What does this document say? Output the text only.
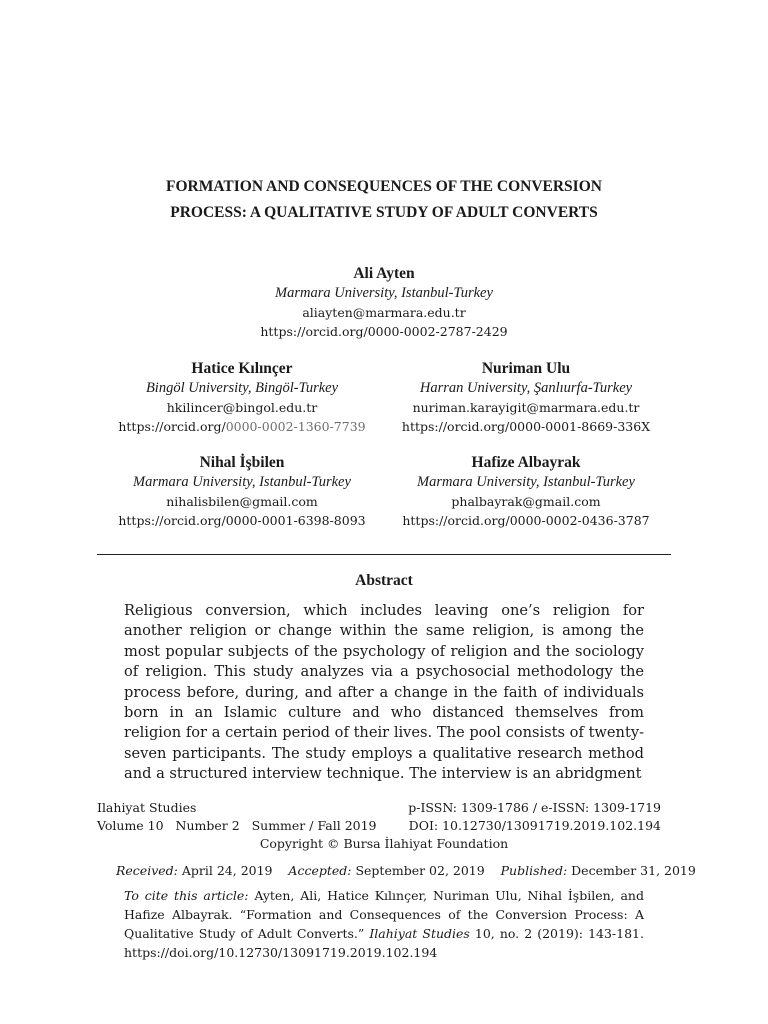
FORMATION AND CONSEQUENCES OF THE CONVERSION
PROCESS: A QUALITATIVE STUDY OF ADULT CONVERTS
Ali Ayten
Marmara University, Istanbul-Turkey
aliayten@marmara.edu.tr
https://orcid.org/0000-0002-2787-2429
Hatice Kılınçer
Bingöl University, Bingöl-Turkey
hkilincer@bingol.edu.tr
https://orcid.org/0000-0002-1360-7739
Nuriman Ulu
Harran University, Şanlıurfa-Turkey
nuriman.karayigit@marmara.edu.tr
https://orcid.org/0000-0001-8669-336X
Nihal İşbilen
Marmara University, Istanbul-Turkey
nihalisbilen@gmail.com
https://orcid.org/0000-0001-6398-8093
Hafize Albayrak
Marmara University, Istanbul-Turkey
phalbayrak@gmail.com
https://orcid.org/0000-0002-0436-3787
Abstract
Religious conversion, which includes leaving one’s religion for another religion or change within the same religion, is among the most popular subjects of the psychology of religion and the sociology of religion. This study analyzes via a psychosocial methodology the process before, during, and after a change in the faith of individuals born in an Islamic culture and who distanced themselves from religion for a certain period of their lives. The pool consists of twenty-seven participants. The study employs a qualitative research method and a structured interview technique. The interview is an abridgment
Ilahiyat Studies	p-ISSN: 1309-1786 / e-ISSN: 1309-1719
Volume 10 Number 2 Summer / Fall 2019	DOI: 10.12730/13091719.2019.102.194
Copyright © Bursa İlahiyat Foundation
Received: April 24, 2019 Accepted: September 02, 2019 Published: December 31, 2019
To cite this article: Ayten, Ali, Hatice Kılınçer, Nuriman Ulu, Nihal İşbilen, and Hafize Albayrak. “Formation and Consequences of the Conversion Process: A Qualitative Study of Adult Converts.” Ilahiyat Studies 10, no. 2 (2019): 143-181. https://doi.org/10.12730/13091719.2019.102.194
